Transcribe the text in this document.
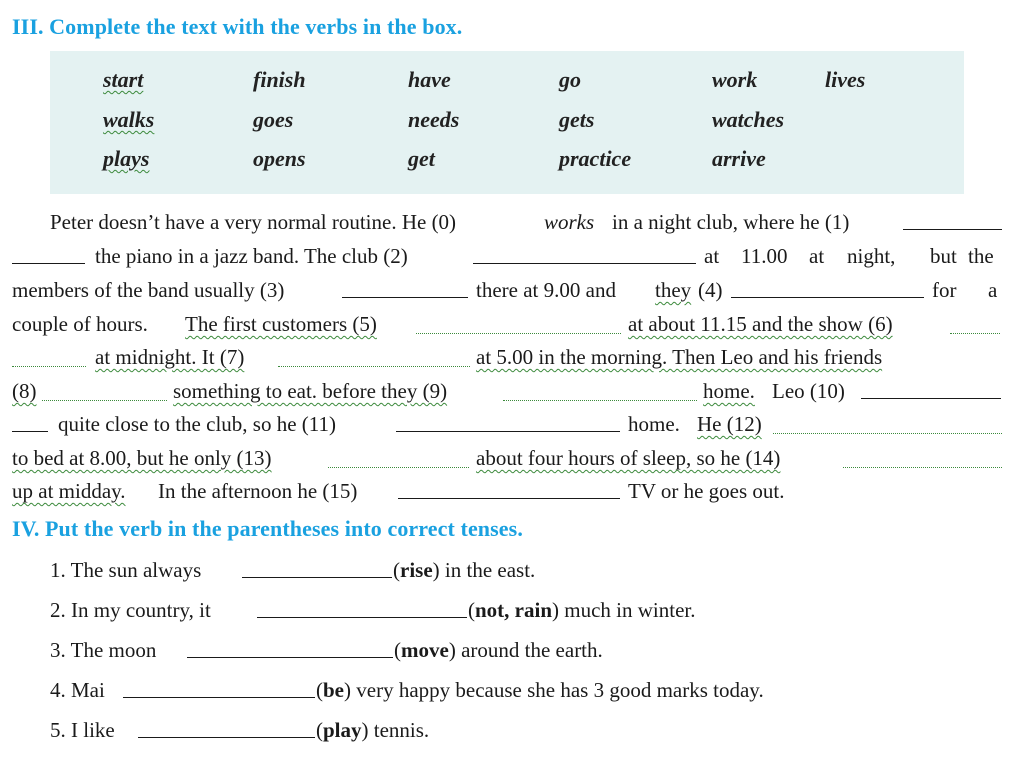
III. Complete the text with the verbs in the box.
start	finish	have	go	work	lives
walks	goes	needs	gets	watches
plays	opens	get	practice	arrive
Peter doesn’t have a very normal routine. He (0)	works in a night club, where he (1)
the piano in a jazz band. The club (2)	at 11.00 at night, but the
members of the band usually (3)	there at 9.00 and they (4)	for a
couple of hours. The first customers (5)	at about 11.15 and the show (6)
at midnight. It (7)	at 5.00 in the morning. Then Leo and his friends
(8)	something to eat. before they (9)	home. Leo (10)
quite close to the club, so he (11)	home. He (12)
to bed at 8.00, but he only (13)	about four hours of sleep, so he (14)
up at midday. In the afternoon he (15)	TV or he goes out.
IV. Put the verb in the parentheses into correct tenses.
1. The sun always	(rise) in the east.
2. In my country, it	(not, rain) much in winter.
3. The moon	(move) around the earth.
4. Mai	(be) very happy because she has 3 good marks today.
5. I like	(play) tennis.
